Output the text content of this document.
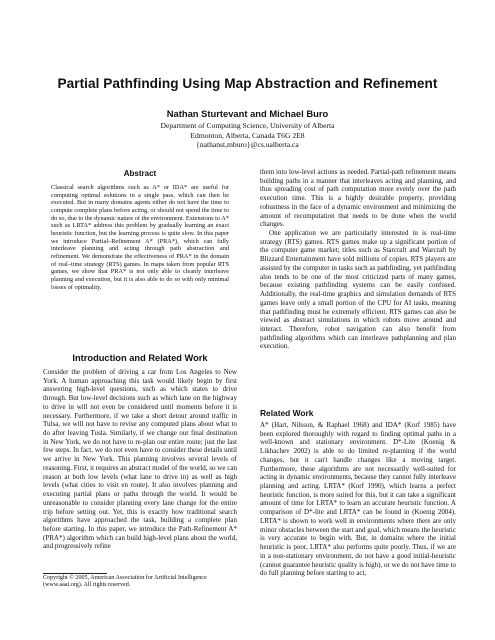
Partial Pathfinding Using Map Abstraction and Refinement
Nathan Sturtevant and Michael Buro
Department of Computing Science, University of Alberta
Edmonton, Alberta, Canada T6G 2E8
{nathanst,mburo}@cs.ualberta.ca
Abstract

Classical search algorithms such as A* or IDA* are useful for computing optimal solutions in a single pass, which can then be executed. But in many domains agents either do not have the time to compute complete plans before acting, or should not spend the time to do so, due to the dynamic nature of the environment. Extensions to A* such as LRTA* address this problem by gradually learning an exact heuristic function, but the learning process is quite slow. In this paper we introduce Partial–Refinement A* (PRA*), which can fully interleave planning and acting through path abstraction and refinement. We demonstrate the effectiveness of PRA* in the domain of real–time strategy (RTS) games. In maps taken from popular RTS games, we show that PRA* is not only able to cleanly interleave planning and execution, but it is also able to do so with only minimal losses of optimality.

Introduction and Related Work

Consider the problem of driving a car from Los Angeles to New York. A human approaching this task would likely begin by first answering high-level questions, such as which states to drive through. But low-level decisions such as which lane on the highway to drive in will not even be considered until moments before it is necessary. Furthermore, if we take a short detour around traffic in Tulsa, we will not have to revise any computed plans about what to do after leaving Tusla. Similarly, if we change our final destination in New York, we do not have to re-plan our entire route; just the last few steps. In fact, we do not even have to consider these details until we arrive in New York. This planning involves several levels of reasoning. First, it requires an abstract model of the world, so we can reason at both low levels (what lane to drive in) as well as high levels (what cities to visit en route). It also involves planning and executing partial plans or paths through the world. It would be unreasonable to consider planning every lane change for the entire trip before setting out. Yet, this is exactly how traditional search algorithms have approached the task, building a complete plan before starting. In this paper, we introduce the Path-Refinement A* (PRA*) algorithm which can build high-level plans about the world, and progressively refine

Copyright © 2005, American Association for Artificial Intelligence (www.aaai.org). All rights reserved.

them into low-level actions as needed. Partial-path refinement means building paths in a manner that interleaves acting and planning, and thus spreading cost of path computation more evenly over the path execution time. This is a highly desirable property, providing robustness in the face of a dynamic environment and minimizing the amount of recomputation that needs to be done when the world changes.

One application we are particularly interested in is real-time strategy (RTS) games. RTS games make up a significant portion of the computer game market; titles such as Starcraft and Warcraft by Blizzard Entertainment have sold millions of copies. RTS players are assisted by the computer in tasks such as pathfinding, yet pathfinding also tends to be one of the most criticized parts of many games, because existing pathfinding systems can be easily confused. Additionally, the real-time graphics and simulation demands of RTS games leave only a small portion of the CPU for AI tasks, meaning that pathfinding must be extremely efficient. RTS games can also be viewed as abstract simulations in which robots move around and interact. Therefore, robot navigation can also benefit from pathfinding algorithms which can interleave pathplanning and plan execution.

Related Work

A* (Hart, Nilsson, & Raphael 1968) and IDA* (Korf 1985) have been explored thoroughly with regard to finding optimal paths in a well-known and stationary environment. D*-Lite (Koenig & Likhachev 2002) is able to do limited re-planning if the world changes, but it can't handle changes like a moving target. Furthermore, these algorithms are not necessarily well-suited for acting in dynamic environments, because they cannot fully interleave planning and acting. LRTA* (Korf 1990), which learns a perfect heuristic function, is more suited for this, but it can take a significant amount of time for LRTA* to learn an accurate heuristic function. A comparison of D*-lite and LRTA* can be found in (Koenig 2004). LRTA* is shown to work well in environments where there are only minor obstacles between the start and goal, which means the heuristic is very accurate to begin with. But, in domains where the initial heuristic is poor, LRTA* also performs quite poorly. Thus, if we are in a non-stationary environment, do not have a good initial-heuristic (cannot guarantee heuristic quality is high), or we do not have time to do full planning before starting to act,
